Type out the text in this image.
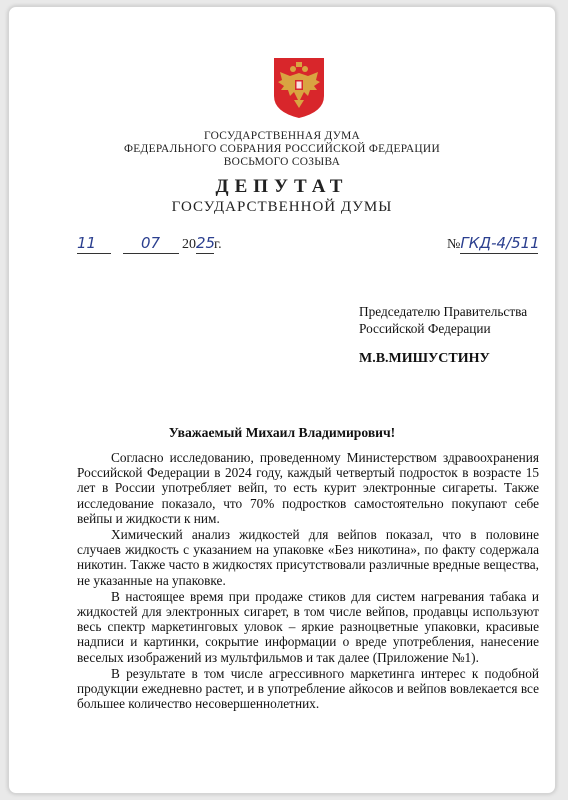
ГОСУДАРСТВЕННАЯ ДУМА
ФЕДЕРАЛЬНОГО СОБРАНИЯ РОССИЙСКОЙ ФЕДЕРАЦИИ
ВОСЬМОГО СОЗЫВА
ДЕПУТАТ
ГОСУДАРСТВЕННОЙ ДУМЫ
11	07 2025г.	№ГКД-4/511
Председателю Правительства
Российской Федерации
М.В.МИШУСТИНУ
Уважаемый Михаил Владимирович!

Согласно исследованию, проведенному Министерством здравоохранения Российской Федерации в 2024 году, каждый четвертый подросток в возрасте 15 лет в России употребляет вейп, то есть курит электронные сигареты. Также исследование показало, что 70% подростков самостоятельно покупают себе вейпы и жидкости к ним.

Химический анализ жидкостей для вейпов показал, что в половине случаев жидкость с указанием на упаковке «Без никотина», по факту содержала никотин. Также часто в жидкостях присутствовали различные вредные вещества, не указанные на упаковке.

В настоящее время при продаже стиков для систем нагревания табака и жидкостей для электронных сигарет, в том числе вейпов, продавцы используют весь спектр маркетинговых уловок – яркие разноцветные упаковки, красивые надписи и картинки, сокрытие информации о вреде употребления, нанесение веселых изображений из мультфильмов и так далее (Приложение №1).

В результате в том числе агрессивного маркетинга интерес к подобной продукции ежедневно растет, и в употребление айкосов и вейпов вовлекается все большее количество несовершеннолетних.
